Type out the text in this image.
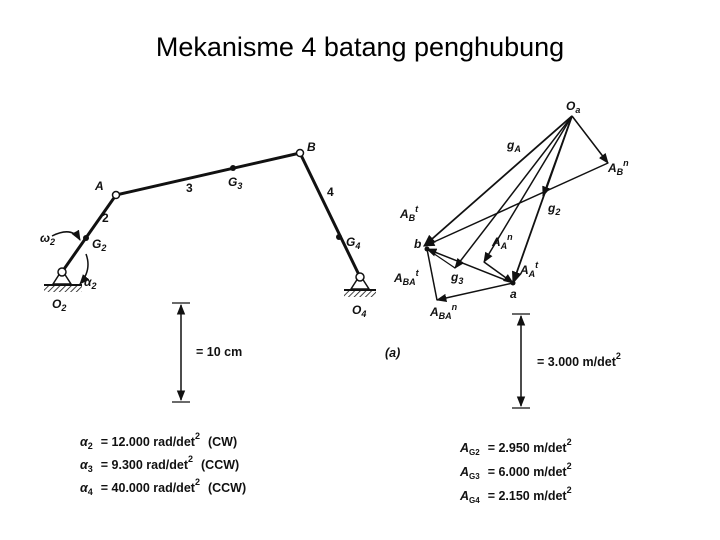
Mekanisme 4 batang penghubung
A
B
2
3	4
$G_2$
$G_3$
$G_4$
$\omega_2$
$\alpha_2$
$O_2$	$O_4$
= 10 cm	(a)
$O_a$
$g_A$
$g_2$
$g_3$
b
a
$A_B^n$
$A_B^t$
$A_A^n$
$A_A^t$
$A_{BA}^t$
$A_{BA}^n$
= 3.000 $m/\det^2$
$\alpha_2 = 12.000$ rad/$\det^2$ (CW)
$\alpha_3 = 9.300$ rad/$\det^2$ (CCW)
$\alpha_4 = 40.000$ rad/$\det^2$ (CCW)
$A_{G2} = 2.950$ $m/\det^2$
$A_{G3} = 6.000$ $m/\det^2$
$A_{G4} = 2.150$ $m/\det^2$
